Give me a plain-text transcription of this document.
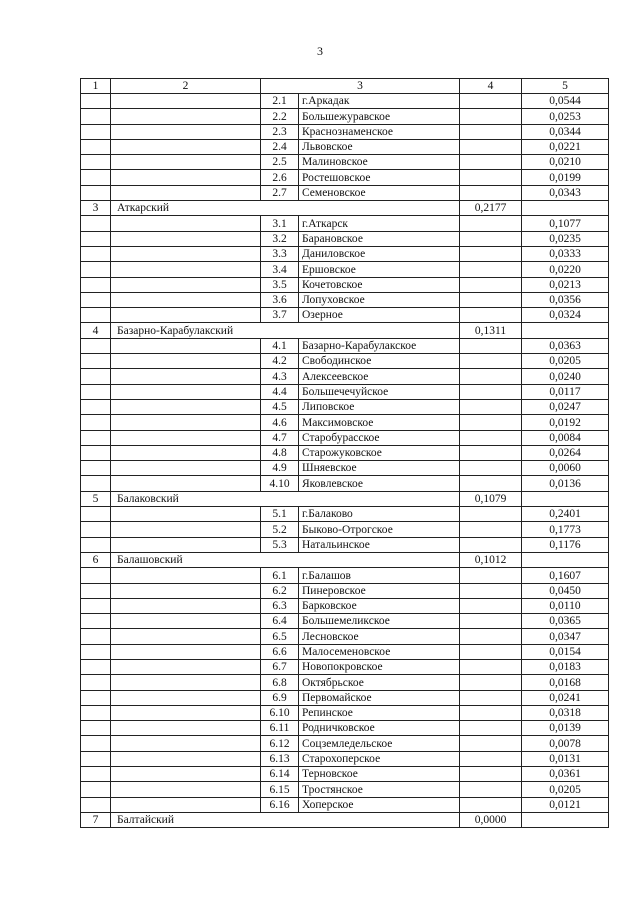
3
1	2	3		4	5
		2.1	г.Аркадак		0,0544
		2.2	Большежуравское		0,0253
		2.3	Краснознаменское		0,0344
		2.4	Львовское		0,0221
		2.5	Малиновское		0,0210
		2.6	Ростешовское		0,0199
		2.7	Семеновское		0,0343
3	Аткарский			0,2177	
		3.1	г.Аткарск		0,1077
		3.2	Барановское		0,0235
		3.3	Даниловское		0,0333
		3.4	Ершовское		0,0220
		3.5	Кочетовское		0,0213
		3.6	Лопуховское		0,0356
		3.7	Озерное		0,0324
4	Базарно-Карабулакский			0,1311	
		4.1	Базарно-Карабулакское		0,0363
		4.2	Свободинское		0,0205
		4.3	Алексеевское		0,0240
		4.4	Большечечуйское		0,0117
		4.5	Липовское		0,0247
		4.6	Максимовское		0,0192
		4.7	Старобурасское		0,0084
		4.8	Старожуковское		0,0264
		4.9	Шняевское		0,0060
		4.10	Яковлевское		0,0136
5	Балаковский			0,1079	
		5.1	г.Балаково		0,2401
		5.2	Быково-Отрогское		0,1773
		5.3	Натальинское		0,1176
6	Балашовский			0,1012	
		6.1	г.Балашов		0,1607
		6.2	Пинеровское		0,0450
		6.3	Барковское		0,0110
		6.4	Большемеликское		0,0365
		6.5	Лесновское		0,0347
		6.6	Малосеменовское		0,0154
		6.7	Новопокровское		0,0183
		6.8	Октябрьское		0,0168
		6.9	Первомайское		0,0241
		6.10	Репинское		0,0318
		6.11	Родничковское		0,0139
		6.12	Соцземледельское		0,0078
		6.13	Старохоперское		0,0131
		6.14	Терновское		0,0361
		6.15	Тростянское		0,0205
		6.16	Хоперское		0,0121
7	Балтайский			0,0000	
